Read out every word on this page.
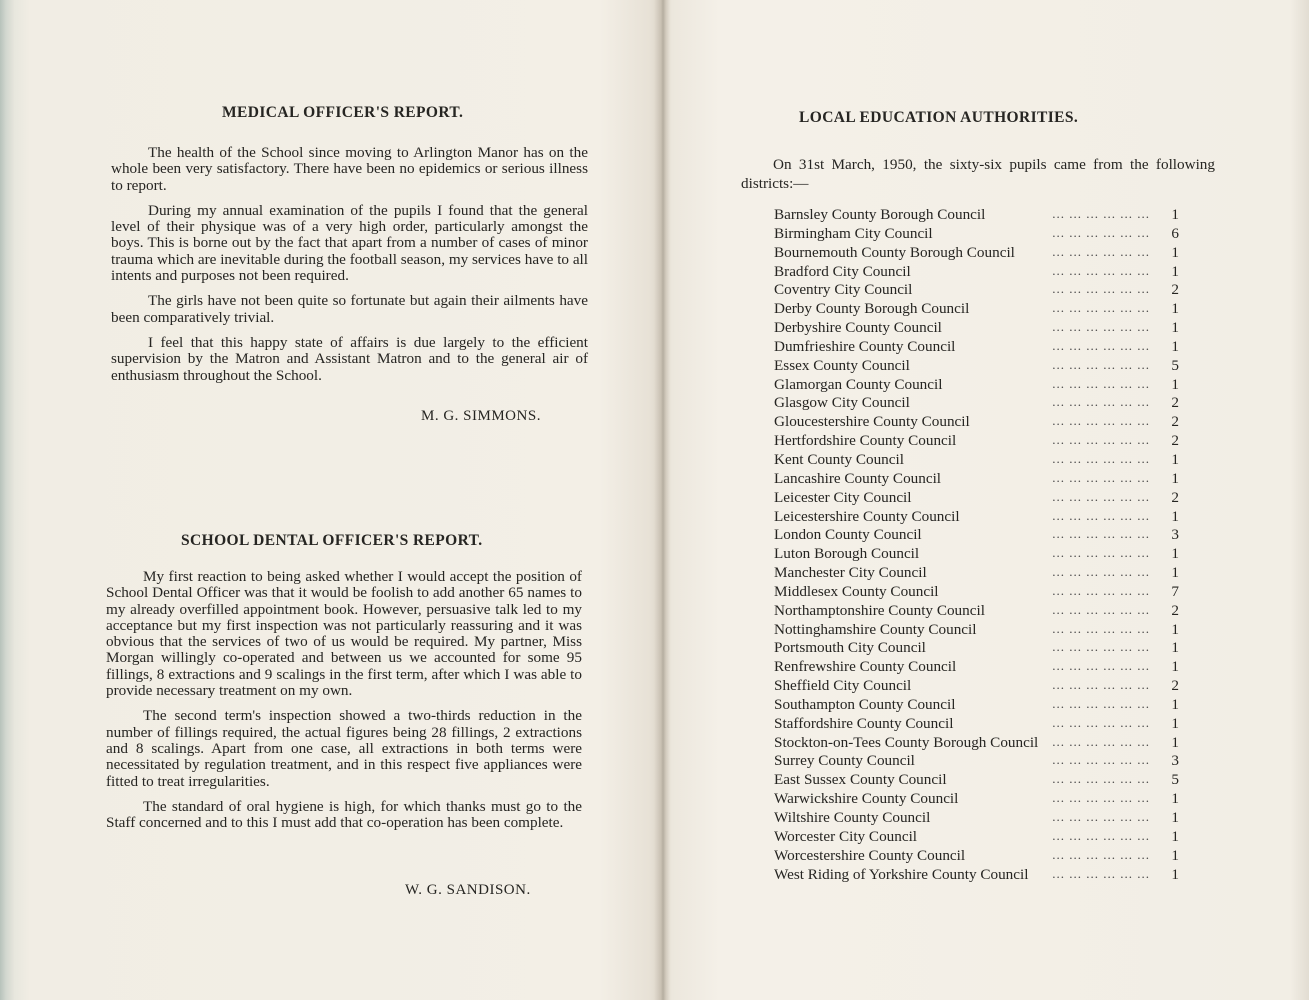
MEDICAL OFFICER'S REPORT.

The health of the School since moving to Arlington Manor has on the whole been very satisfactory. There have been no epidemics or serious illness to report.

During my annual examination of the pupils I found that the general level of their physique was of a very high order, particularly amongst the boys. This is borne out by the fact that apart from a number of cases of minor trauma which are inevitable during the football season, my services have to all intents and purposes not been required.

The girls have not been quite so fortunate but again their ailments have been comparatively trivial.

I feel that this happy state of affairs is due largely to the efficient supervision by the Matron and Assistant Matron and to the general air of enthusiasm throughout the School.

M. G. SIMMONS.
SCHOOL DENTAL OFFICER'S REPORT.

My first reaction to being asked whether I would accept the position of School Dental Officer was that it would be foolish to add another 65 names to my already overfilled appointment book. However, persuasive talk led to my acceptance but my first inspection was not particularly reassuring and it was obvious that the services of two of us would be required. My partner, Miss Morgan willingly co-operated and between us we accounted for some 95 fillings, 8 extractions and 9 scalings in the first term, after which I was able to provide necessary treatment on my own.

The second term's inspection showed a two-thirds reduction in the number of fillings required, the actual figures being 28 fillings, 2 extractions and 8 scalings. Apart from one case, all extractions in both terms were necessitated by regulation treatment, and in this respect five appliances were fitted to treat irregularities.

The standard of oral hygiene is high, for which thanks must go to the Staff concerned and to this I must add that co-operation has been complete.

W. G. SANDISON.
LOCAL EDUCATION AUTHORITIES.
On 31st March, 1950, the sixty-six pupils came from the following districts:—
... ... ... ... ... ...
Barnsley County Borough Council	1
... ... ... ... ... ...
Birmingham City Council	6
... ... ... ... ... ...
Bournemouth County Borough Council	1
... ... ... ... ... ...
Bradford City Council	1
... ... ... ... ... ...
Coventry City Council	2
... ... ... ... ... ...
Derby County Borough Council	1
... ... ... ... ... ...
Derbyshire County Council	1
... ... ... ... ... ...
Dumfrieshire County Council	1
... ... ... ... ... ...
Essex County Council	5
... ... ... ... ... ...
Glamorgan County Council	1
... ... ... ... ... ...
Glasgow City Council	2
... ... ... ... ... ...
Gloucestershire County Council	2
... ... ... ... ... ...
Hertfordshire County Council	2
... ... ... ... ... ...
Kent County Council	1
... ... ... ... ... ...
Lancashire County Council	1
... ... ... ... ... ...
Leicester City Council	2
... ... ... ... ... ...
Leicestershire County Council	1
... ... ... ... ... ...
London County Council	3
... ... ... ... ... ...
Luton Borough Council	1
... ... ... ... ... ...
Manchester City Council	1
... ... ... ... ... ...
Middlesex County Council	7
... ... ... ... ... ...
Northamptonshire County Council	2
... ... ... ... ... ...
Nottinghamshire County Council	1
... ... ... ... ... ...
Portsmouth City Council	1
... ... ... ... ... ...
Renfrewshire County Council	1
... ... ... ... ... ...
Sheffield City Council	2
... ... ... ... ... ...
Southampton County Council	1
... ... ... ... ... ...
Staffordshire County Council	1
... ... ... ... ... ...
Stockton-on-Tees County Borough Council	1
... ... ... ... ... ...
Surrey County Council	3
... ... ... ... ... ...
East Sussex County Council	5
... ... ... ... ... ...
Warwickshire County Council	1
... ... ... ... ... ...
Wiltshire County Council	1
... ... ... ... ... ...
Worcester City Council	1
... ... ... ... ... ...
Worcestershire County Council	1
... ... ... ... ... ...
West Riding of Yorkshire County Council	1
